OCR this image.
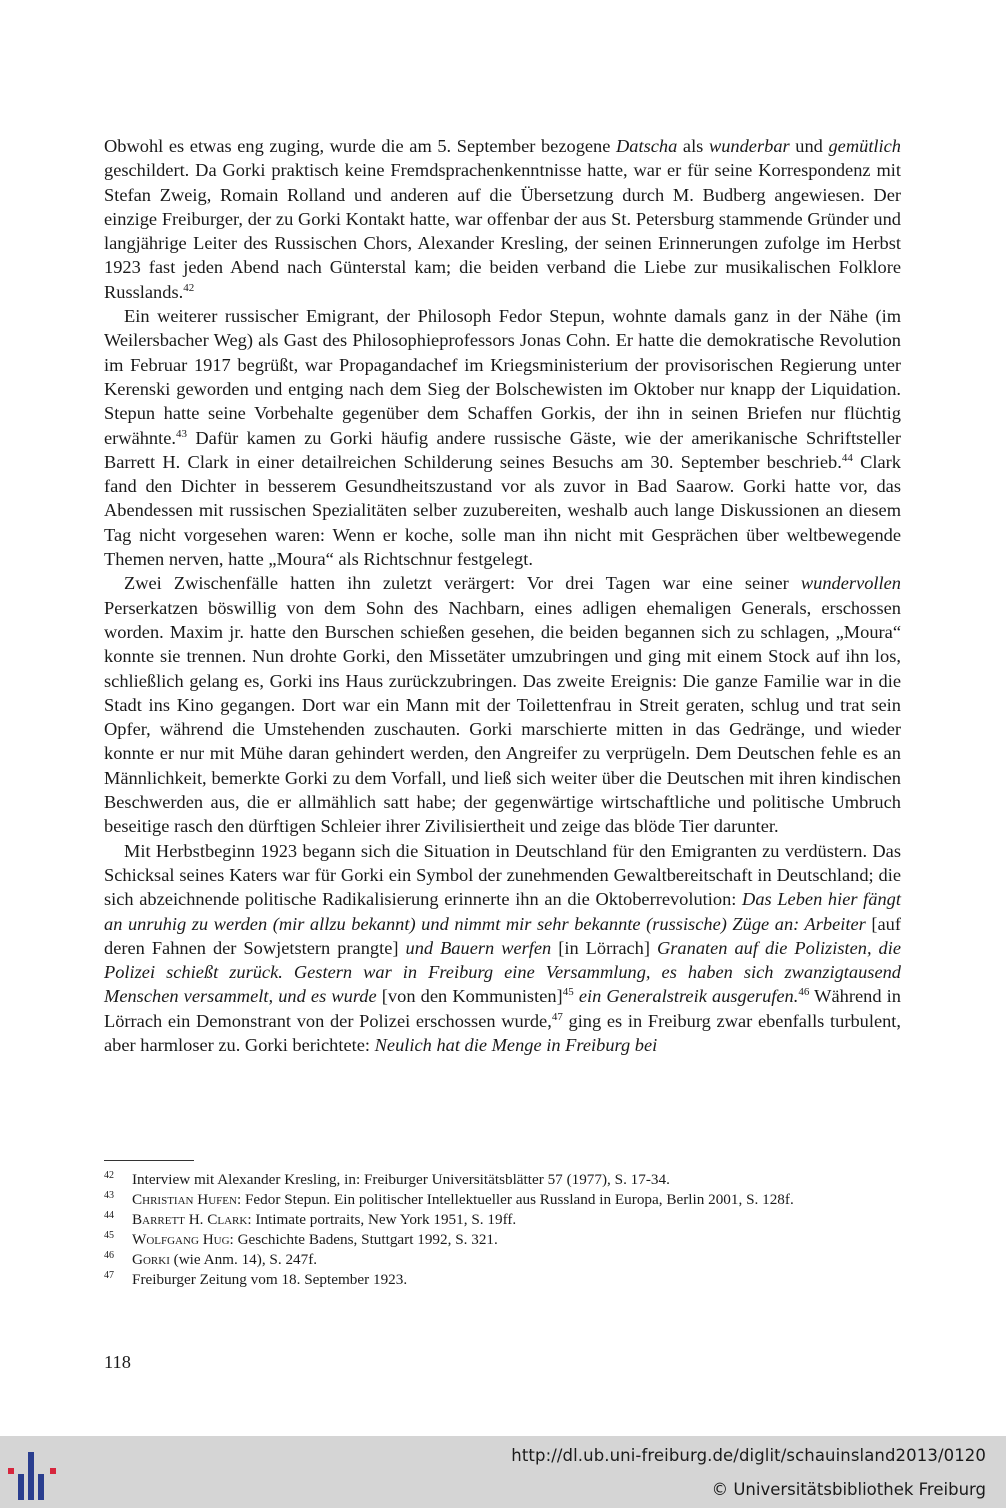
Obwohl es etwas eng zuging, wurde die am 5. September bezogene Datscha als wunderbar und gemütlich geschildert. Da Gorki praktisch keine Fremdsprachenkenntnisse hatte, war er für seine Korrespondenz mit Stefan Zweig, Romain Rolland und anderen auf die Übersetzung durch M. Budberg angewiesen. Der einzige Freiburger, der zu Gorki Kontakt hatte, war offenbar der aus St. Petersburg stammende Gründer und langjährige Leiter des Russischen Chors, Alexander Kresling, der seinen Erinnerungen zufolge im Herbst 1923 fast jeden Abend nach Günterstal kam; die beiden verband die Liebe zur musikalischen Folklore Russlands.$^{42}$

Ein weiterer russischer Emigrant, der Philosoph Fedor Stepun, wohnte damals ganz in der Nähe (im Weilersbacher Weg) als Gast des Philosophieprofessors Jonas Cohn. Er hatte die demokratische Revolution im Februar 1917 begrüßt, war Propagandachef im Kriegsministerium der provisorischen Regierung unter Kerenski geworden und entging nach dem Sieg der Bolschewisten im Oktober nur knapp der Liquidation. Stepun hatte seine Vorbehalte gegenüber dem Schaffen Gorkis, der ihn in seinen Briefen nur flüchtig erwähnte.$^{43}$ Dafür kamen zu Gorki häufig andere russische Gäste, wie der amerikanische Schriftsteller Barrett H. Clark in einer detailreichen Schilderung seines Besuchs am 30. September beschrieb.$^{44}$ Clark fand den Dichter in besserem Gesundheitszustand vor als zuvor in Bad Saarow. Gorki hatte vor, das Abendessen mit russischen Spezialitäten selber zuzubereiten, weshalb auch lange Diskussionen an diesem Tag nicht vorgesehen waren: Wenn er koche, solle man ihn nicht mit Gesprächen über weltbewegende Themen nerven, hatte „Moura“ als Richtschnur festgelegt.

Zwei Zwischenfälle hatten ihn zuletzt verärgert: Vor drei Tagen war eine seiner wundervollen Perserkatzen böswillig von dem Sohn des Nachbarn, eines adligen ehemaligen Generals, erschossen worden. Maxim jr. hatte den Burschen schießen gesehen, die beiden begannen sich zu schlagen, „Moura“ konnte sie trennen. Nun drohte Gorki, den Missetäter umzubringen und ging mit einem Stock auf ihn los, schließlich gelang es, Gorki ins Haus zurückzubringen. Das zweite Ereignis: Die ganze Familie war in die Stadt ins Kino gegangen. Dort war ein Mann mit der Toilettenfrau in Streit geraten, schlug und trat sein Opfer, während die Umstehenden zuschauten. Gorki marschierte mitten in das Gedränge, und wieder konnte er nur mit Mühe daran gehindert werden, den Angreifer zu verprügeln. Dem Deutschen fehle es an Männlichkeit, bemerkte Gorki zu dem Vorfall, und ließ sich weiter über die Deutschen mit ihren kindischen Beschwerden aus, die er allmählich satt habe; der gegenwärtige wirtschaftliche und politische Umbruch beseitige rasch den dürftigen Schleier ihrer Zivilisiertheit und zeige das blöde Tier darunter.

Mit Herbstbeginn 1923 begann sich die Situation in Deutschland für den Emigranten zu verdüstern. Das Schicksal seines Katers war für Gorki ein Symbol der zunehmenden Gewaltbereitschaft in Deutschland; die sich abzeichnende politische Radikalisierung erinnerte ihn an die Oktoberrevolution: Das Leben hier fängt an unruhig zu werden (mir allzu bekannt) und nimmt mir sehr bekannte (russische) Züge an: Arbeiter [auf deren Fahnen der Sowjetstern prangte] und Bauern werfen [in Lörrach] Granaten auf die Polizisten, die Polizei schießt zurück. Gestern war in Freiburg eine Versammlung, es haben sich zwanzigtausend Menschen versammelt, und es wurde [von den Kommunisten]$^{45}$ ein Generalstreik ausgerufen.$^{46}$ Während in Lörrach ein Demonstrant von der Polizei erschossen wurde,$^{47}$ ging es in Freiburg zwar ebenfalls turbulent, aber harmloser zu. Gorki berichtete: Neulich hat die Menge in Freiburg bei

42 Interview mit Alexander Kresling, in: Freiburger Universitätsblätter 57 (1977), S. 17-34.
43 Christian Hufen: Fedor Stepun. Ein politischer Intellektueller aus Russland in Europa, Berlin 2001, S. 128f.
44 Barrett H. Clark: Intimate portraits, New York 1951, S. 19ff.
45 Wolfgang Hug: Geschichte Badens, Stuttgart 1992, S. 321.
46 Gorki (wie Anm. 14), S. 247f.
47 Freiburger Zeitung vom 18. September 1923.
118
http://dl.ub.uni-freiburg.de/diglit/schauinsland2013/0120
© Universitätsbibliothek Freiburg
